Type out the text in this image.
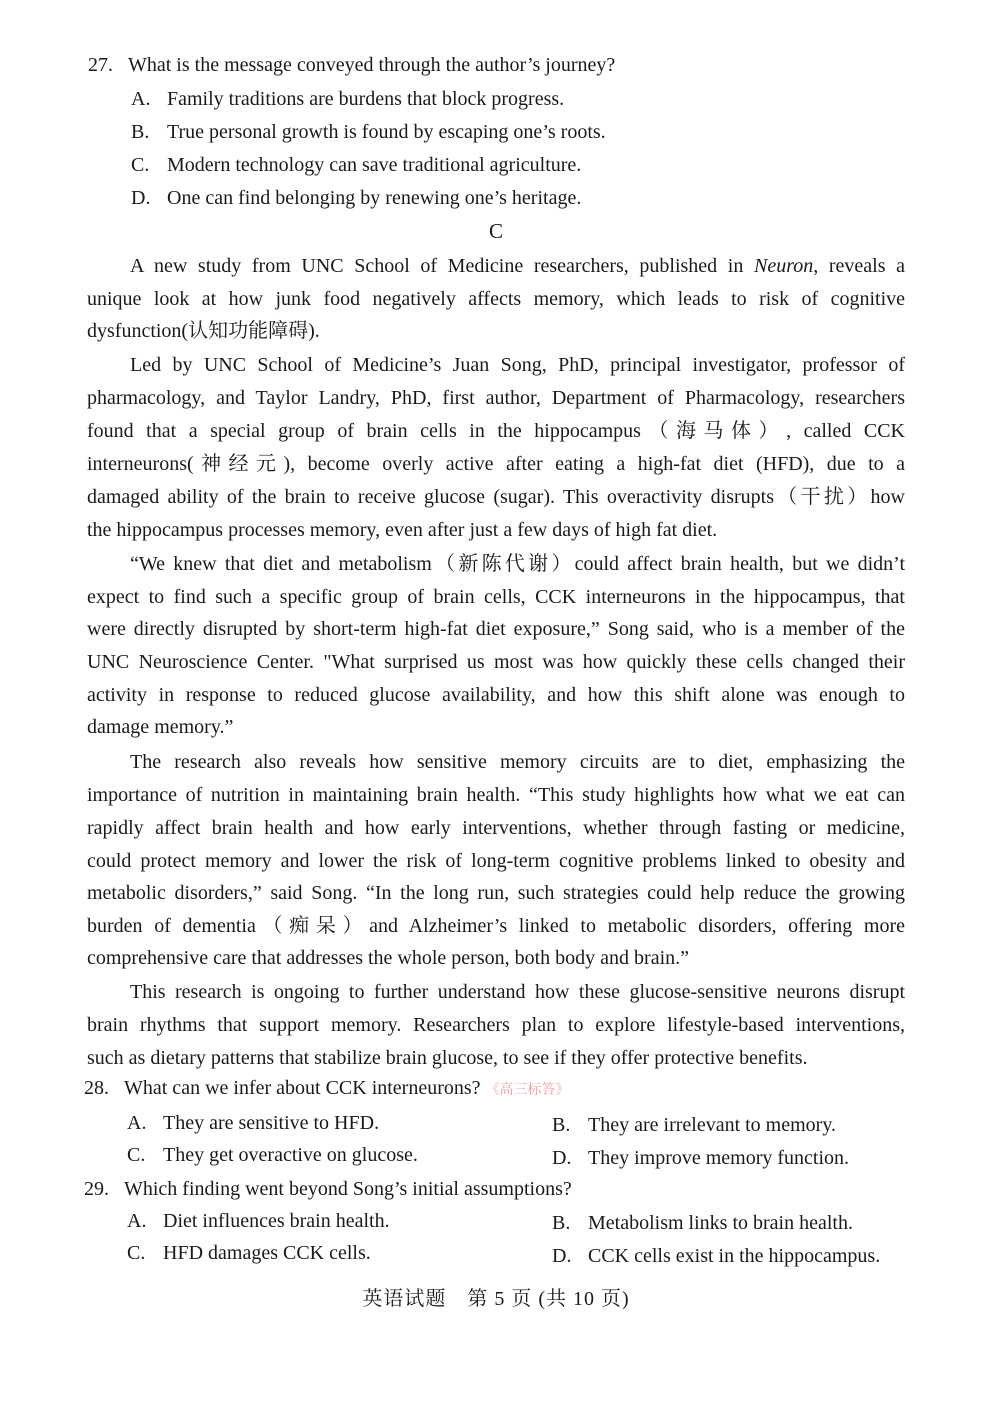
27. What is the message conveyed through the author’s journey?
A. Family traditions are burdens that block progress.
B. True personal growth is found by escaping one’s roots.
C. Modern technology can save traditional agriculture.
D. One can find belonging by renewing one’s heritage.
C
A new study from UNC School of Medicine researchers, published in Neuron, reveals a
unique look at how junk food negatively affects memory, which leads to risk of cognitive
dysfunction(认知功能障碍).
Led by UNC School of Medicine’s Juan Song, PhD, principal investigator, professor of
pharmacology, and Taylor Landry, PhD, first author, Department of Pharmacology, researchers
found that a special group of brain cells in the hippocampus（海马体）, called CCK
interneurons(神经元), become overly active after eating a high-fat diet (HFD), due to a
damaged ability of the brain to receive glucose (sugar). This overactivity disrupts（干扰）how
the hippocampus processes memory, even after just a few days of high fat diet.
“We knew that diet and metabolism（新陈代谢）could affect brain health, but we didn’t
expect to find such a specific group of brain cells, CCK interneurons in the hippocampus, that
were directly disrupted by short-term high-fat diet exposure,” Song said, who is a member of the
UNC Neuroscience Center. "What surprised us most was how quickly these cells changed their
activity in response to reduced glucose availability, and how this shift alone was enough to
damage memory.”
The research also reveals how sensitive memory circuits are to diet, emphasizing the
importance of nutrition in maintaining brain health. “This study highlights how what we eat can
rapidly affect brain health and how early interventions, whether through fasting or medicine,
could protect memory and lower the risk of long-term cognitive problems linked to obesity and
metabolic disorders,” said Song. “In the long run, such strategies could help reduce the growing
burden of dementia（痴呆）and Alzheimer’s linked to metabolic disorders, offering more
comprehensive care that addresses the whole person, both body and brain.”
This research is ongoing to further understand how these glucose-sensitive neurons disrupt
brain rhythms that support memory. Researchers plan to explore lifestyle-based interventions,
such as dietary patterns that stabilize brain glucose, to see if they offer protective benefits.
28. What can we infer about CCK interneurons? 《高三标答》
A. They are sensitive to HFD.	B. They are irrelevant to memory.
C. They get overactive on glucose.	D. They improve memory function.
29. Which finding went beyond Song’s initial assumptions?
A. Diet influences brain health.	B. Metabolism links to brain health.
C. HFD damages CCK cells.	D. CCK cells exist in the hippocampus.
英语试题　第 5 页 (共 10 页)
